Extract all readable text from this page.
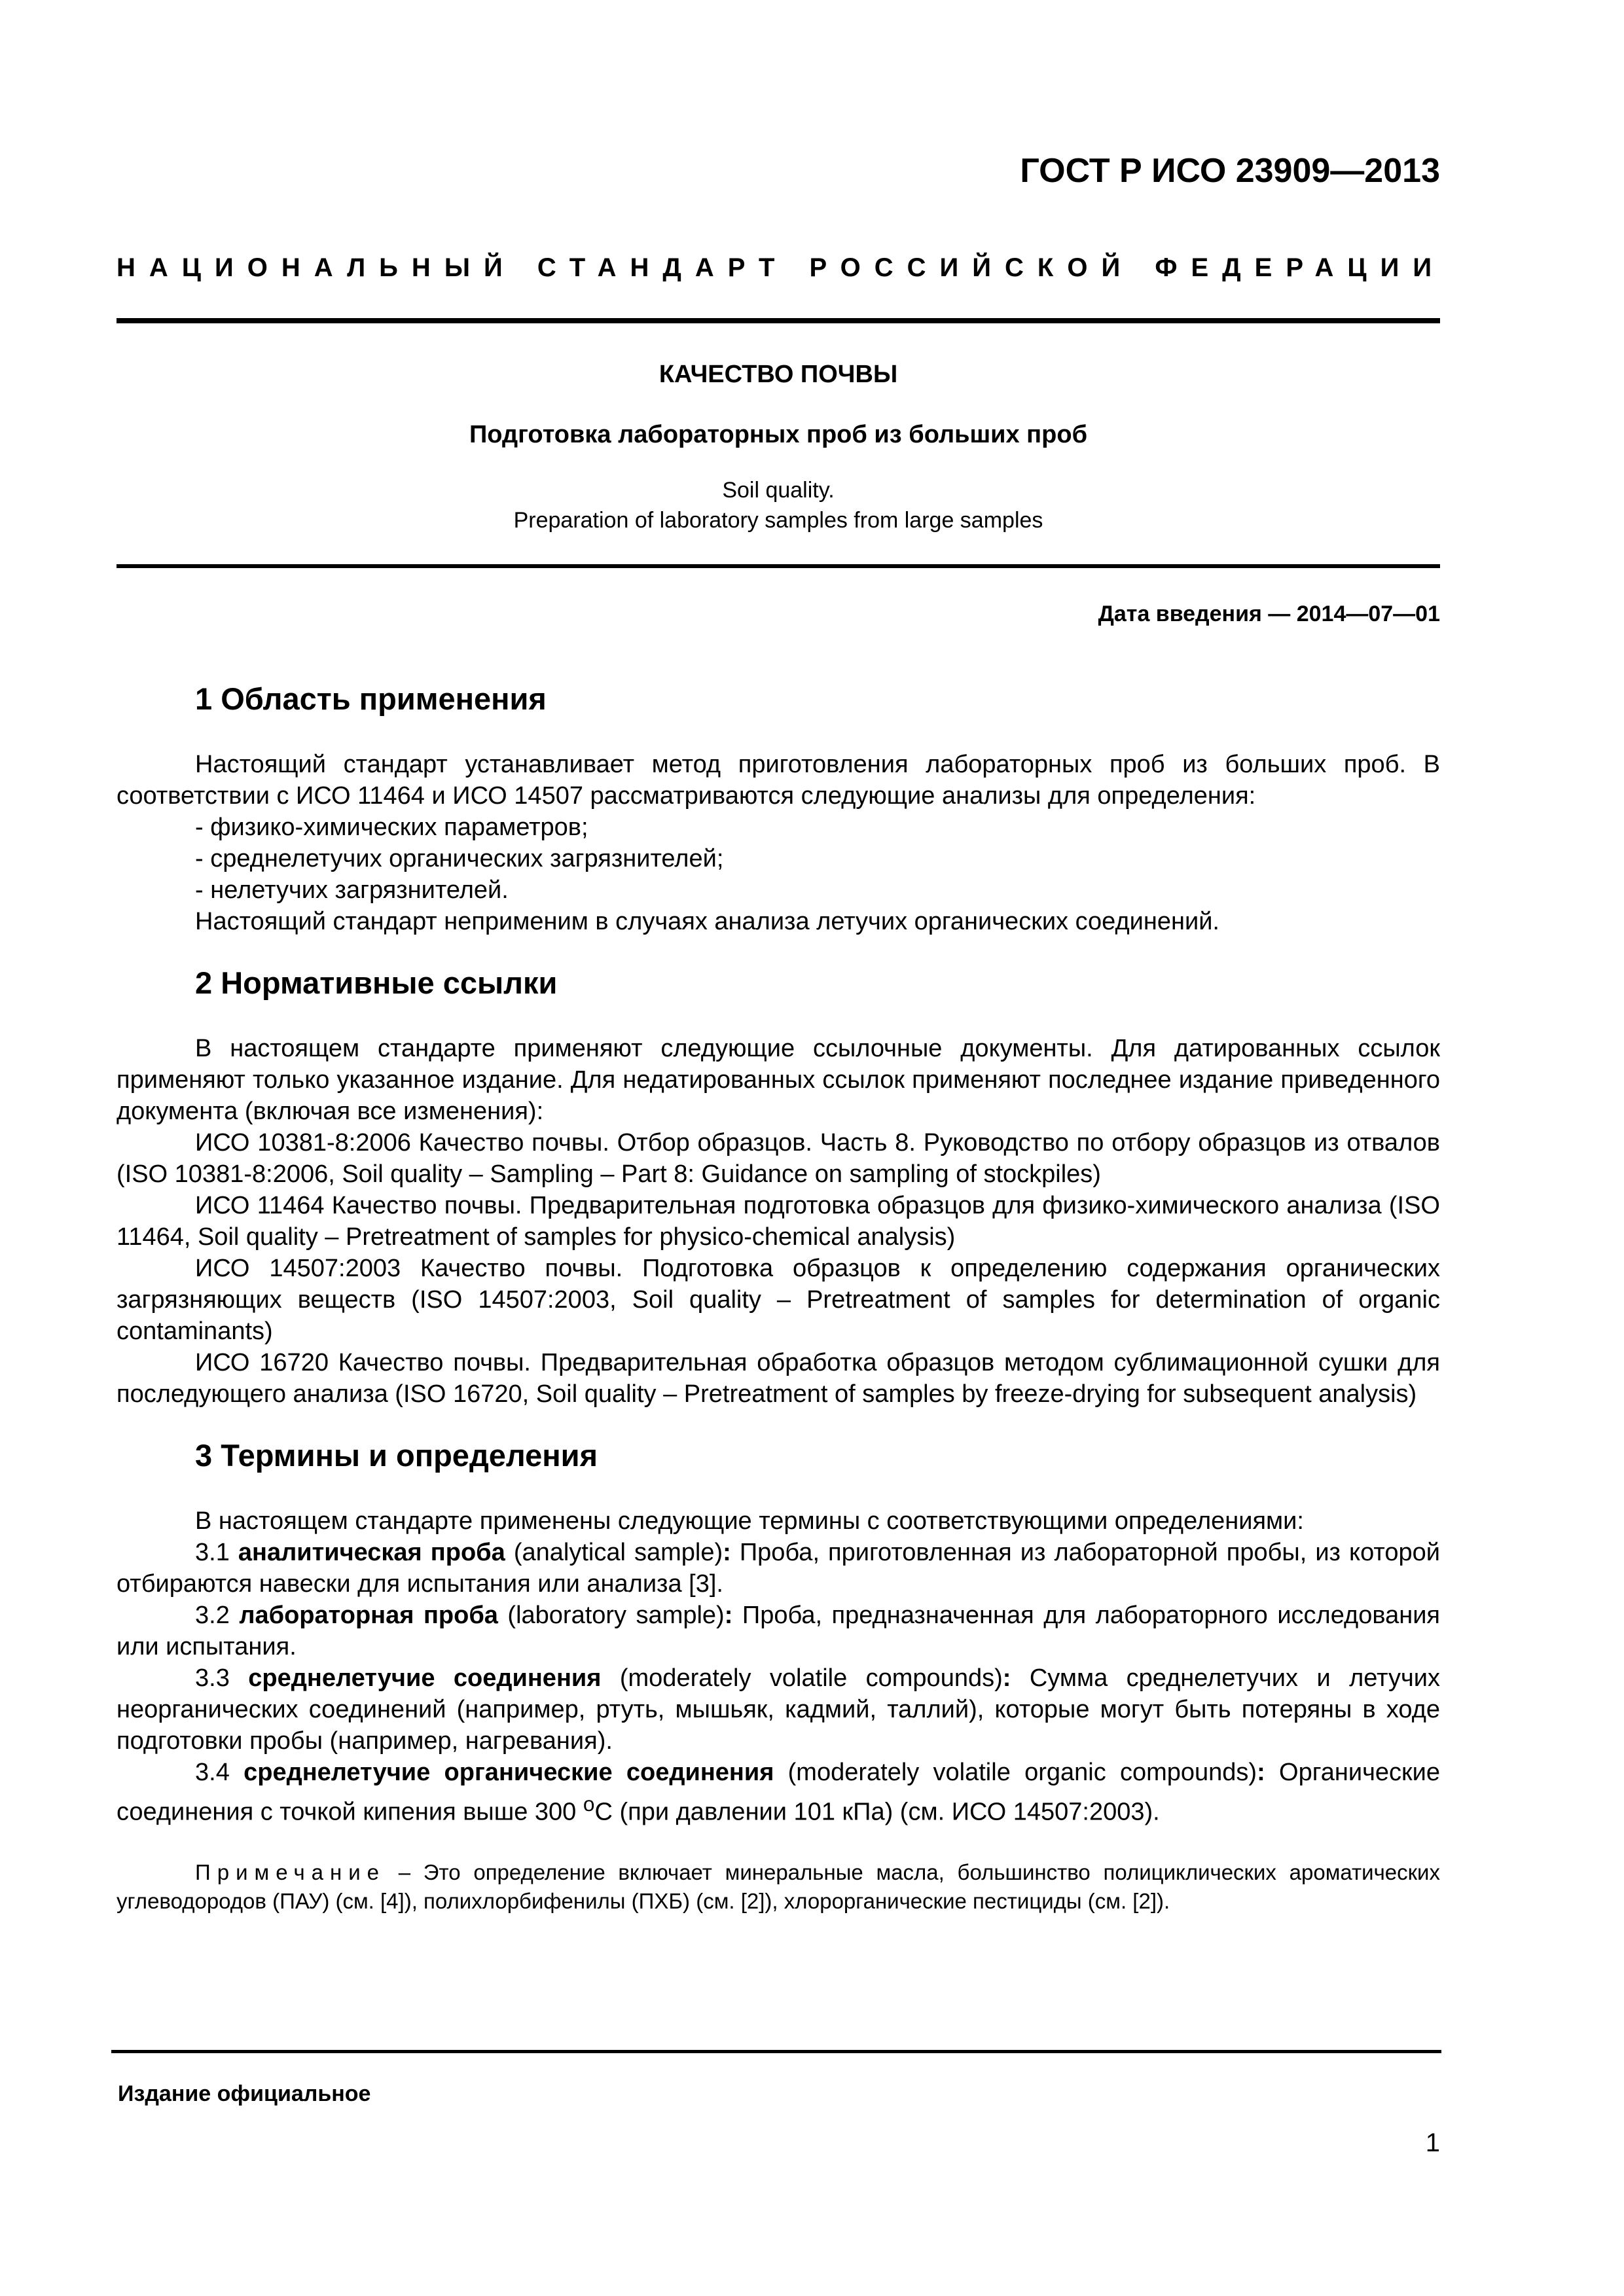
ГОСТ Р ИСО 23909—2013
НАЦИОНАЛЬНЫЙ СТАНДАРТ РОССИЙСКОЙ ФЕДЕРАЦИИ
КАЧЕСТВО ПОЧВЫ
Подготовка лабораторных проб из больших проб
Soil quality.
Preparation of laboratory samples from large samples
Дата введения — 2014—07—01
1 Область применения

Настоящий стандарт устанавливает метод приготовления лабораторных проб из больших проб. В соответствии с ИСО 11464 и ИСО 14507 рассматриваются следующие анализы для определения:

- физико-химических параметров;

- среднелетучих органических загрязнителей;

- нелетучих загрязнителей.

Настоящий стандарт неприменим в случаях анализа летучих органических соединений.

2 Нормативные ссылки

В настоящем стандарте применяют следующие ссылочные документы. Для датированных ссылок применяют только указанное издание. Для недатированных ссылок применяют последнее издание приведенного документа (включая все изменения):

ИСО 10381-8:2006 Качество почвы. Отбор образцов. Часть 8. Руководство по отбору образцов из отвалов (ISO 10381-8:2006, Soil quality – Sampling – Part 8: Guidance on sampling of stockpiles)

ИСО 11464 Качество почвы. Предварительная подготовка образцов для физико-химического анализа (ISO 11464, Soil quality – Pretreatment of samples for physico-chemical analysis)

ИСО 14507:2003 Качество почвы. Подготовка образцов к определению содержания органических загрязняющих веществ (ISO 14507:2003, Soil quality – Pretreatment of samples for determination of organic contaminants)

ИСО 16720 Качество почвы. Предварительная обработка образцов методом сублимационной сушки для последующего анализа (ISO 16720, Soil quality – Pretreatment of samples by freeze-drying for subsequent analysis)

3 Термины и определения

В настоящем стандарте применены следующие термины с соответствующими определениями:

3.1 аналитическая проба (analytical sample): Проба, приготовленная из лабораторной пробы, из которой отбираются навески для испытания или анализа [3].

3.2 лабораторная проба (laboratory sample): Проба, предназначенная для лабораторного исследования или испытания.

3.3 среднелетучие соединения (moderately volatile compounds): Сумма среднелетучих и летучих неорганических соединений (например, ртуть, мышьяк, кадмий, таллий), которые могут быть потеряны в ходе подготовки пробы (например, нагревания).

3.4 среднелетучие органические соединения (moderately volatile organic compounds): Органические соединения с точкой кипения выше 300 $^o$C (при давлении 101 кПа) (см. ИСО 14507:2003).

Примечание – Это определение включает минеральные масла, большинство полициклических ароматических углеводородов (ПАУ) (см. [4]), полихлорбифенилы (ПХБ) (см. [2]), хлорорганические пестициды (см. [2]).
Издание официальное
1
